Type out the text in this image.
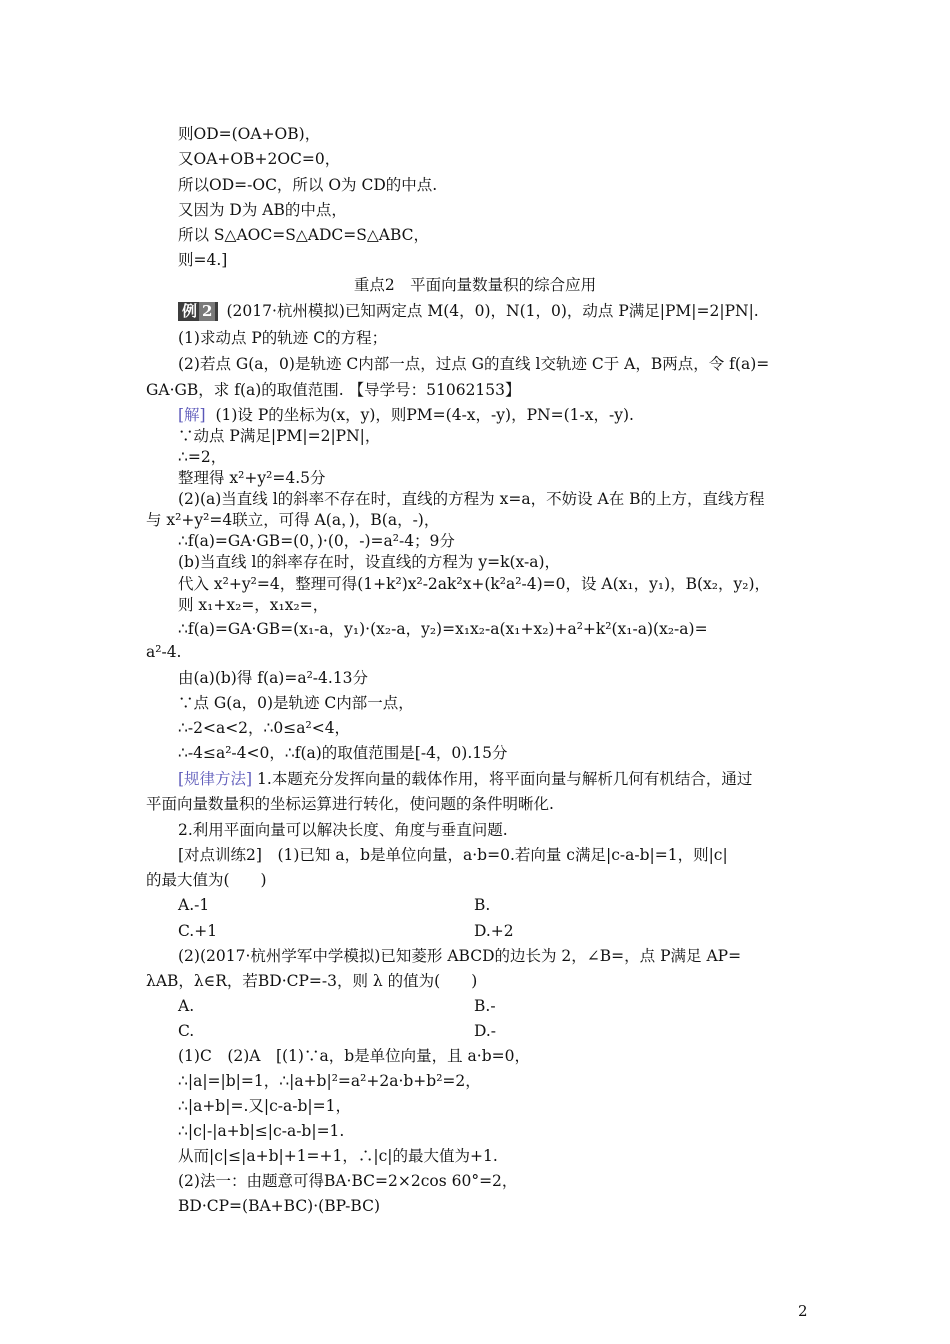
则OD=(OA+OB)，
又OA+OB+2OC=0，
所以OD=-OC，所以 O为 CD的中点.
又因为 D为 AB的中点，
所以 S△AOC=S△ADC=S△ABC，
则=4.]
重点2　平面向量数量积的综合应用
例 2 (2017·杭州模拟)已知两定点 M(4，0)，N(1，0)，动点 P满足|PM|=2|PN|.
(1)求动点 P的轨迹 C的方程；
(2)若点 G(a，0)是轨迹 C内部一点，过点 G的直线 l交轨迹 C于 A，B两点，令 f(a)=
GA·GB，求 f(a)的取值范围. 【导学号：51062153】
[解] (1)设 P的坐标为(x，y)，则PM=(4-x，-y)，PN=(1-x，-y).
∵动点 P满足|PM|=2|PN|，
∴=2，
整理得 x²+y²=4.5分
(2)(a)当直线 l的斜率不存在时，直线的方程为 x=a，不妨设 A在 B的上方，直线方程
与 x²+y²=4联立，可得 A(a，)，B(a，-)，
∴f(a)=GA·GB=(0，)·(0，-)=a²-4；9分
(b)当直线 l的斜率存在时，设直线的方程为 y=k(x-a)，
代入 x²+y²=4，整理可得(1+k²)x²-2ak²x+(k²a²-4)=0，设 A(x₁，y₁)，B(x₂，y₂)，
则 x₁+x₂=，x₁x₂=，
∴f(a)=GA·GB=(x₁-a，y₁)·(x₂-a，y₂)=x₁x₂-a(x₁+x₂)+a²+k²(x₁-a)(x₂-a)=
a²-4.
由(a)(b)得 f(a)=a²-4.13分
∵点 G(a，0)是轨迹 C内部一点，
∴-2<a<2，∴0≤a²<4，
∴-4≤a²-4<0，∴f(a)的取值范围是[-4，0).15分
[规律方法] 1.本题充分发挥向量的载体作用，将平面向量与解析几何有机结合，通过
平面向量数量积的坐标运算进行转化，使问题的条件明晰化.
2.利用平面向量可以解决长度、角度与垂直问题.
[对点训练2]　(1)已知 a，b是单位向量，a·b=0.若向量 c满足|c-a-b|=1，则|c|
的最大值为(　　)
A.-1	B.
C.+1	D.+2
(2)(2017·杭州学军中学模拟)已知菱形 ABCD的边长为 2，∠B=，点 P满足 AP=
λAB，λ∈R，若BD·CP=-3，则 λ 的值为(　　)
A.	B.-
C.	D.-
(1)C　(2)A　[(1)∵a，b是单位向量，且 a·b=0，
∴|a|=|b|=1，∴|a+b|²=a²+2a·b+b²=2，
∴|a+b|=.又|c-a-b|=1，
∴|c|-|a+b|≤|c-a-b|=1.
从而|c|≤|a+b|+1=+1，∴|c|的最大值为+1.
(2)法一：由题意可得BA·BC=2×2cos 60°=2，
BD·CP=(BA+BC)·(BP-BC)
2
